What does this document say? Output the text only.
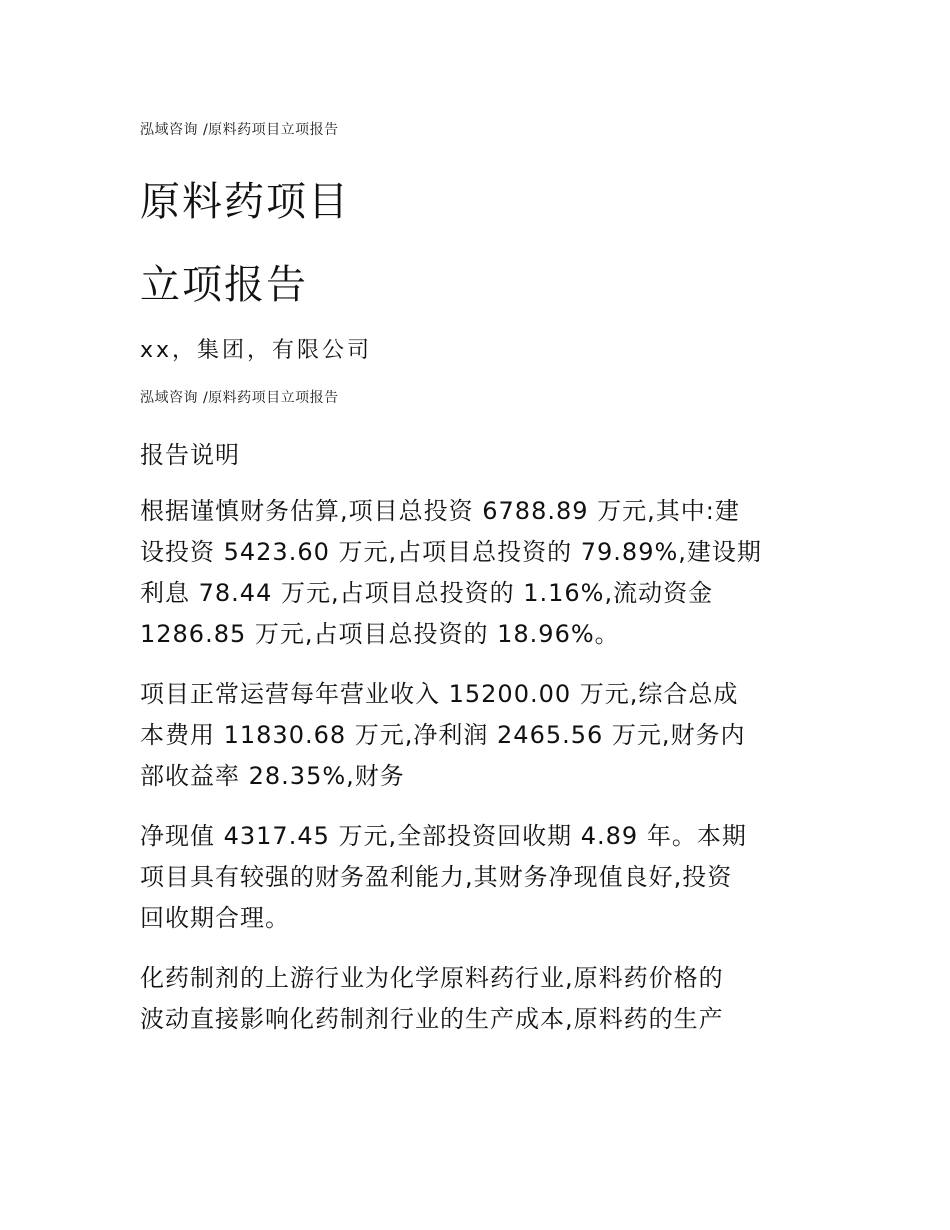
泓域咨询 /原料药项目立项报告
原料药项目
立项报告
xx，集团，有限公司
泓域咨询 /原料药项目立项报告
报告说明
根据谨慎财务估算,项目总投资 6788.89 万元,其中:建
设投资 5423.60 万元,占项目总投资的 79.89%,建设期
利息 78.44 万元,占项目总投资的 1.16%,流动资金
1286.85 万元,占项目总投资的 18.96%。
项目正常运营每年营业收入 15200.00 万元,综合总成
本费用 11830.68 万元,净利润 2465.56 万元,财务内
部收益率 28.35%,财务
净现值 4317.45 万元,全部投资回收期 4.89 年。本期
项目具有较强的财务盈利能力,其财务净现值良好,投资
回收期合理。
化药制剂的上游行业为化学原料药行业,原料药价格的
波动直接影响化药制剂行业的生产成本,原料药的生产
